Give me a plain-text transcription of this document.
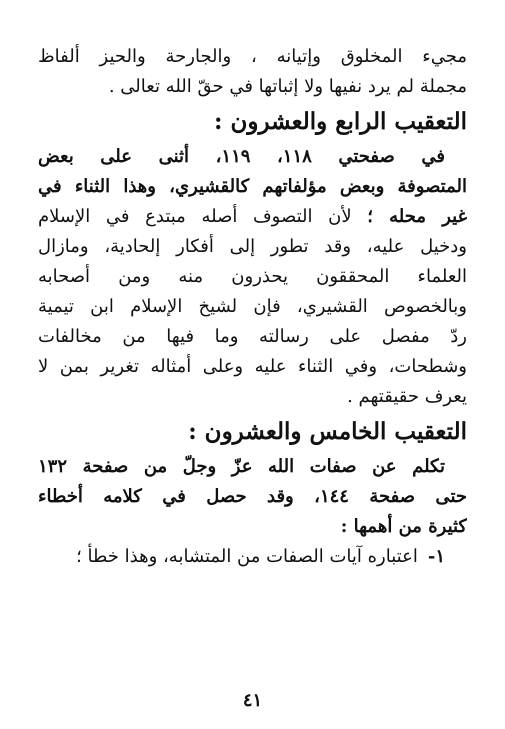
مجيء المخلوق وإتيانه ، والجارحة والحيز ألفاظ
مجملة لم يرد نفيها ولا إثباتها في حقّ الله تعالى .
التعقيب الرابع والعشرون :
في صفحتي ١١٨، ١١٩، أثنى على بعض
المتصوفة وبعض مؤلفاتهم كالقشيري، وهذا الثناء في
غير محله ؛ لأن التصوف أصله مبتدع في الإسلام
ودخيل عليه، وقد تطور إلى أفكار إلحادية، ومازال
العلماء المحققون يحذرون منه ومن أصحابه
وبالخصوص القشيري، فإن لشيخ الإسلام ابن تيمية
ردّ مفصل على رسالته وما فيها من مخالفات
وشطحات، وفي الثناء عليه وعلى أمثاله تغرير بمن لا
يعرف حقيقتهم .
التعقيب الخامس والعشرون :
تكلم عن صفات الله عزّ وجلّ من صفحة ١٣٢
حتى صفحة ١٤٤، وقد حصل في كلامه أخطاء
كثيرة من أهمها :
١-
اعتباره آيات الصفات من المتشابه، وهذا خطأ ؛
٤١
